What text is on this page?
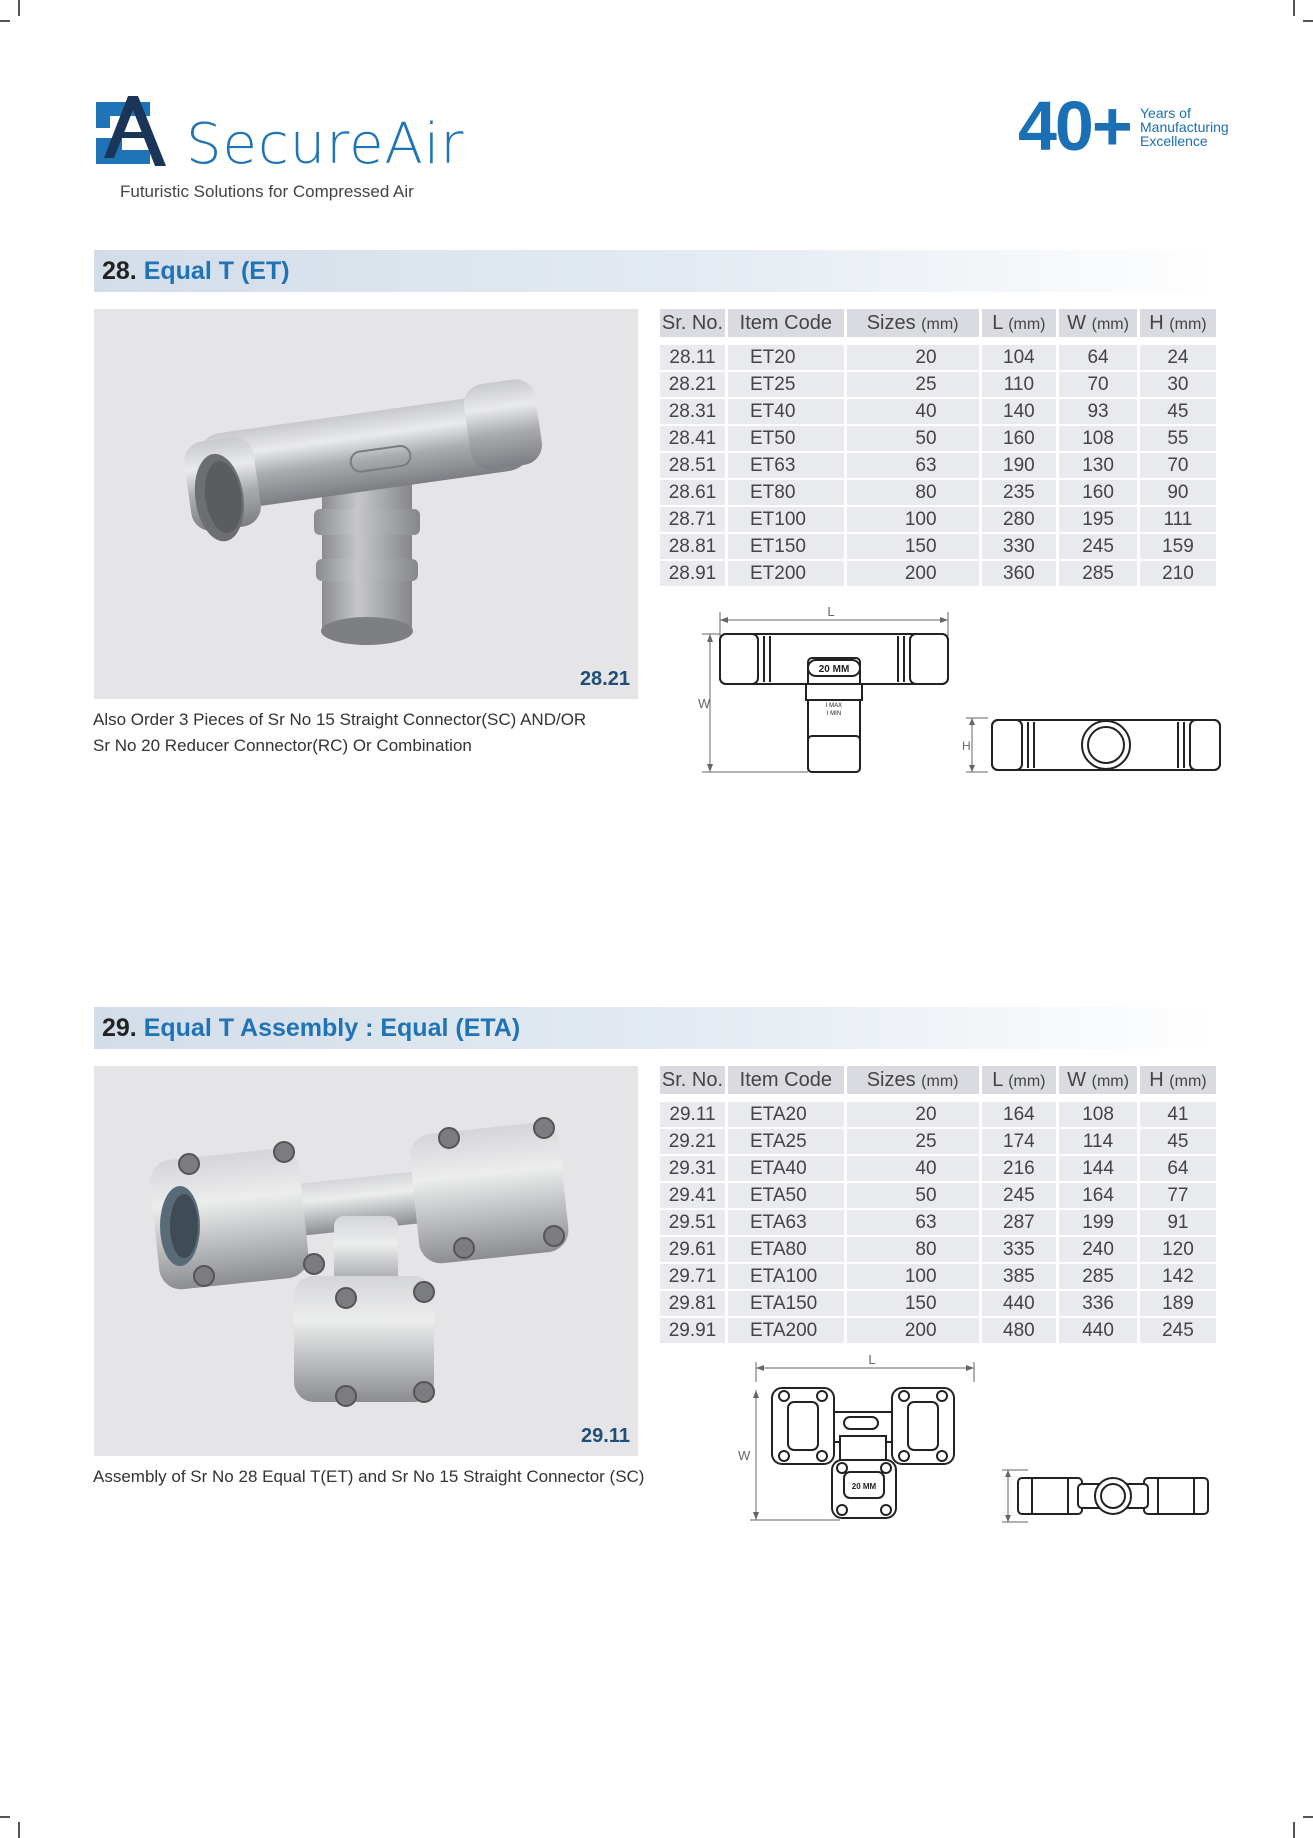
SecureAir
Futuristic Solutions for Compressed Air
40+ Years of
Manufacturing
Excellence
28. Equal T (ET)
28.21
Also Order 3 Pieces of Sr No 15 Straight Connector(SC) AND/OR
Sr No 20 Reducer Connector(RC) Or Combination
Sr. No.	Item Code	Sizes (mm)	L (mm)	W (mm)	H (mm)

28.11	ET20	20	104	64	24
28.21	ET25	25	110	70	30
28.31	ET40	40	140	93	45
28.41	ET50	50	160	108	55
28.51	ET63	63	190	130	70
28.61	ET80	80	235	160	90
28.71	ET100	100	280	195	111
28.81	ET150	150	330	245	159
28.91	ET200	200	360	285	210
L
W
20 MM
I MAX
I MIN
H
29. Equal T Assembly : Equal (ETA)
29.11
Assembly of Sr No 28 Equal T(ET) and Sr No 15 Straight Connector (SC)
Sr. No.	Item Code	Sizes (mm)	L (mm)	W (mm)	H (mm)

29.11	ETA20	20	164	108	41
29.21	ETA25	25	174	114	45
29.31	ETA40	40	216	144	64
29.41	ETA50	50	245	164	77
29.51	ETA63	63	287	199	91
29.61	ETA80	80	335	240	120
29.71	ETA100	100	385	285	142
29.81	ETA150	150	440	336	189
29.91	ETA200	200	480	440	245
L
W
20 MM
